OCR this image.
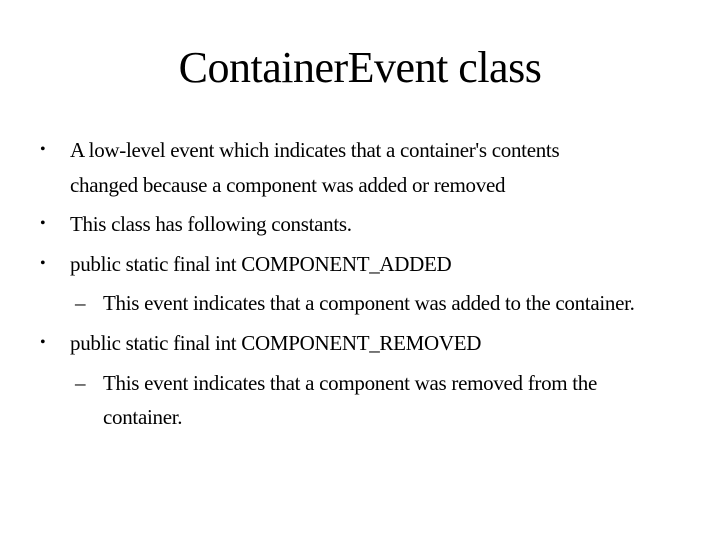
ContainerEvent class
• A low-level event which indicates that a container's contents
changed because a component was added or removed
• This class has following constants.
• public static final int COMPONENT_ADDED
– This event indicates that a component was added to the container.
• public static final int COMPONENT_REMOVED
– This event indicates that a component was removed from the
container.
